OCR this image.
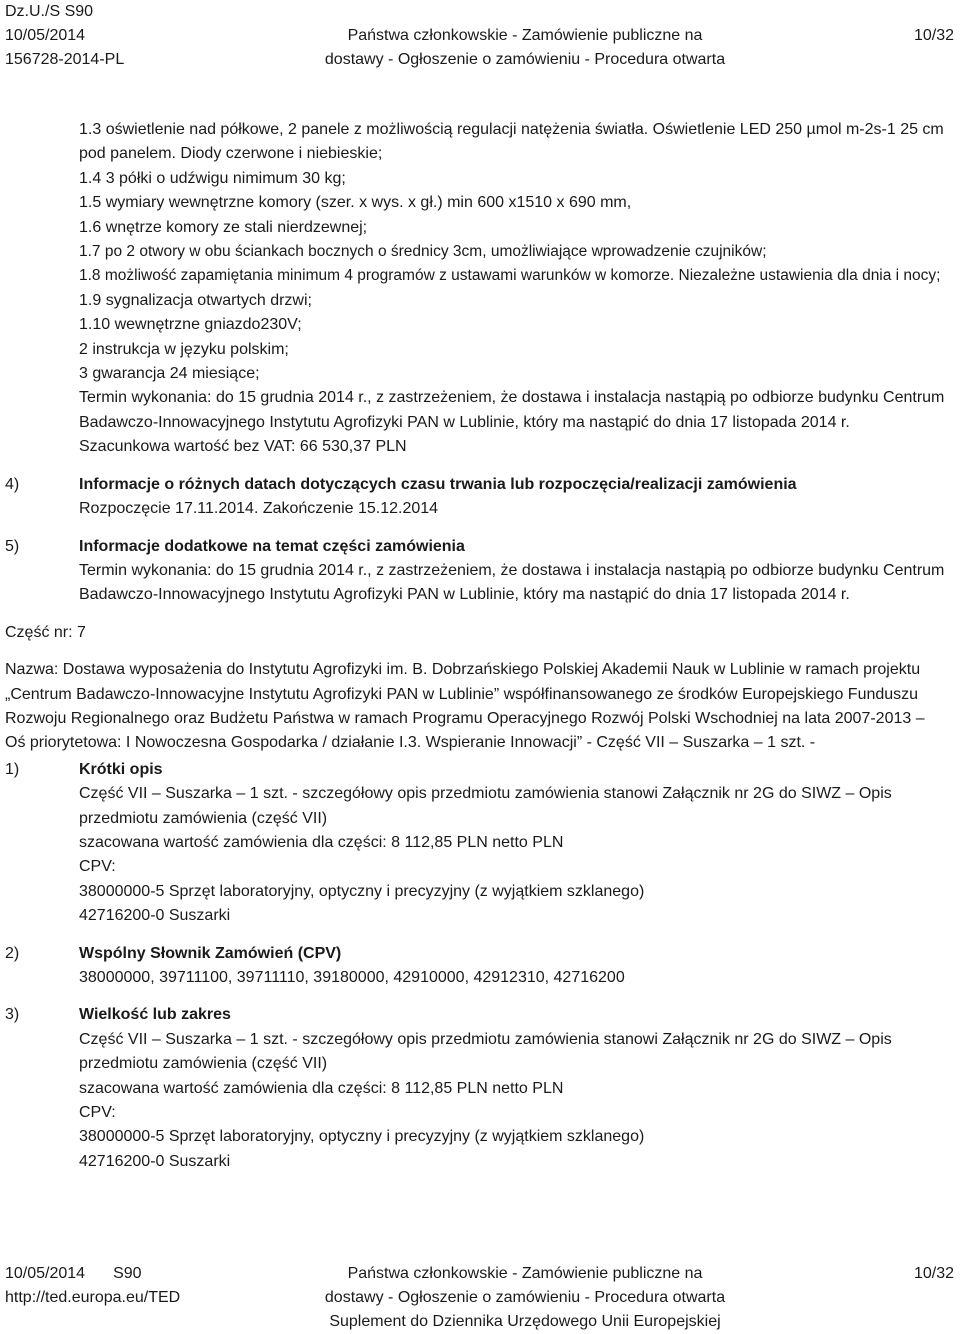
Dz.U./S S90
10/05/2014
156728-2014-PL
Państwa członkowskie - Zamówienie publiczne na
dostawy - Ogłoszenie o zamówieniu - Procedura otwarta
10/32
1.3 oświetlenie nad półkowe, 2 panele z możliwością regulacji natężenia światła. Oświetlenie LED 250 µmol m-2s-1 25 cm pod panelem. Diody czerwone i niebieskie;
1.4 3 półki o udźwigu nimimum 30 kg;
1.5 wymiary wewnętrzne komory (szer. x wys. x gł.) min 600 x1510 x 690 mm,
1.6 wnętrze komory ze stali nierdzewnej;
1.7 po 2 otwory w obu ściankach bocznych o średnicy 3cm, umożliwiające wprowadzenie czujników;
1.8 możliwość zapamiętania minimum 4 programów z ustawami warunków w komorze. Niezależne ustawienia dla dnia i nocy;
1.9 sygnalizacja otwartych drzwi;
1.10 wewnętrzne gniazdo230V;
2 instrukcja w języku polskim;
3 gwarancja 24 miesiące;
Termin wykonania: do 15 grudnia 2014 r., z zastrzeżeniem, że dostawa i instalacja nastąpią po odbiorze budynku Centrum Badawczo-Innowacyjnego Instytutu Agrofizyki PAN w Lublinie, który ma nastąpić do dnia 17 listopada 2014 r.
Szacunkowa wartość bez VAT: 66 530,37 PLN
4)	Informacje o różnych datach dotyczących czasu trwania lub rozpoczęcia/realizacji zamówienia
Rozpoczęcie 17.11.2014. Zakończenie 15.12.2014
5)	Informacje dodatkowe na temat części zamówienia
Termin wykonania: do 15 grudnia 2014 r., z zastrzeżeniem, że dostawa i instalacja nastąpią po odbiorze budynku Centrum Badawczo-Innowacyjnego Instytutu Agrofizyki PAN w Lublinie, który ma nastąpić do dnia 17 listopada 2014 r.
Część nr: 7
Nazwa: Dostawa wyposażenia do Instytutu Agrofizyki im. B. Dobrzańskiego Polskiej Akademii Nauk w Lublinie w ramach projektu „Centrum Badawczo-Innowacyjne Instytutu Agrofizyki PAN w Lublinie” współfinansowanego ze środków Europejskiego Funduszu Rozwoju Regionalnego oraz Budżetu Państwa w ramach Programu Operacyjnego Rozwój Polski Wschodniej na lata 2007-2013 – Oś priorytetowa: I Nowoczesna Gospodarka / działanie I.3. Wspieranie Innowacji” - Część VII – Suszarka – 1 szt. -
1)	Krótki opis
Część VII – Suszarka – 1 szt. - szczegółowy opis przedmiotu zamówienia stanowi Załącznik nr 2G do SIWZ – Opis przedmiotu zamówienia (część VII)
szacowana wartość zamówienia dla części: 8 112,85 PLN netto PLN
CPV:
38000000-5 Sprzęt laboratoryjny, optyczny i precyzyjny (z wyjątkiem szklanego)
42716200-0 Suszarki
2)	Wspólny Słownik Zamówień (CPV)
38000000, 39711100, 39711110, 39180000, 42910000, 42912310, 42716200
3)	Wielkość lub zakres
Część VII – Suszarka – 1 szt. - szczegółowy opis przedmiotu zamówienia stanowi Załącznik nr 2G do SIWZ – Opis przedmiotu zamówienia (część VII)
szacowana wartość zamówienia dla części: 8 112,85 PLN netto PLN
CPV:
38000000-5 Sprzęt laboratoryjny, optyczny i precyzyjny (z wyjątkiem szklanego)
42716200-0 Suszarki
10/05/2014 S90
http://ted.europa.eu/TED
Państwa członkowskie - Zamówienie publiczne na
dostawy - Ogłoszenie o zamówieniu - Procedura otwarta
Suplement do Dziennika Urzędowego Unii Europejskiej
10/32
